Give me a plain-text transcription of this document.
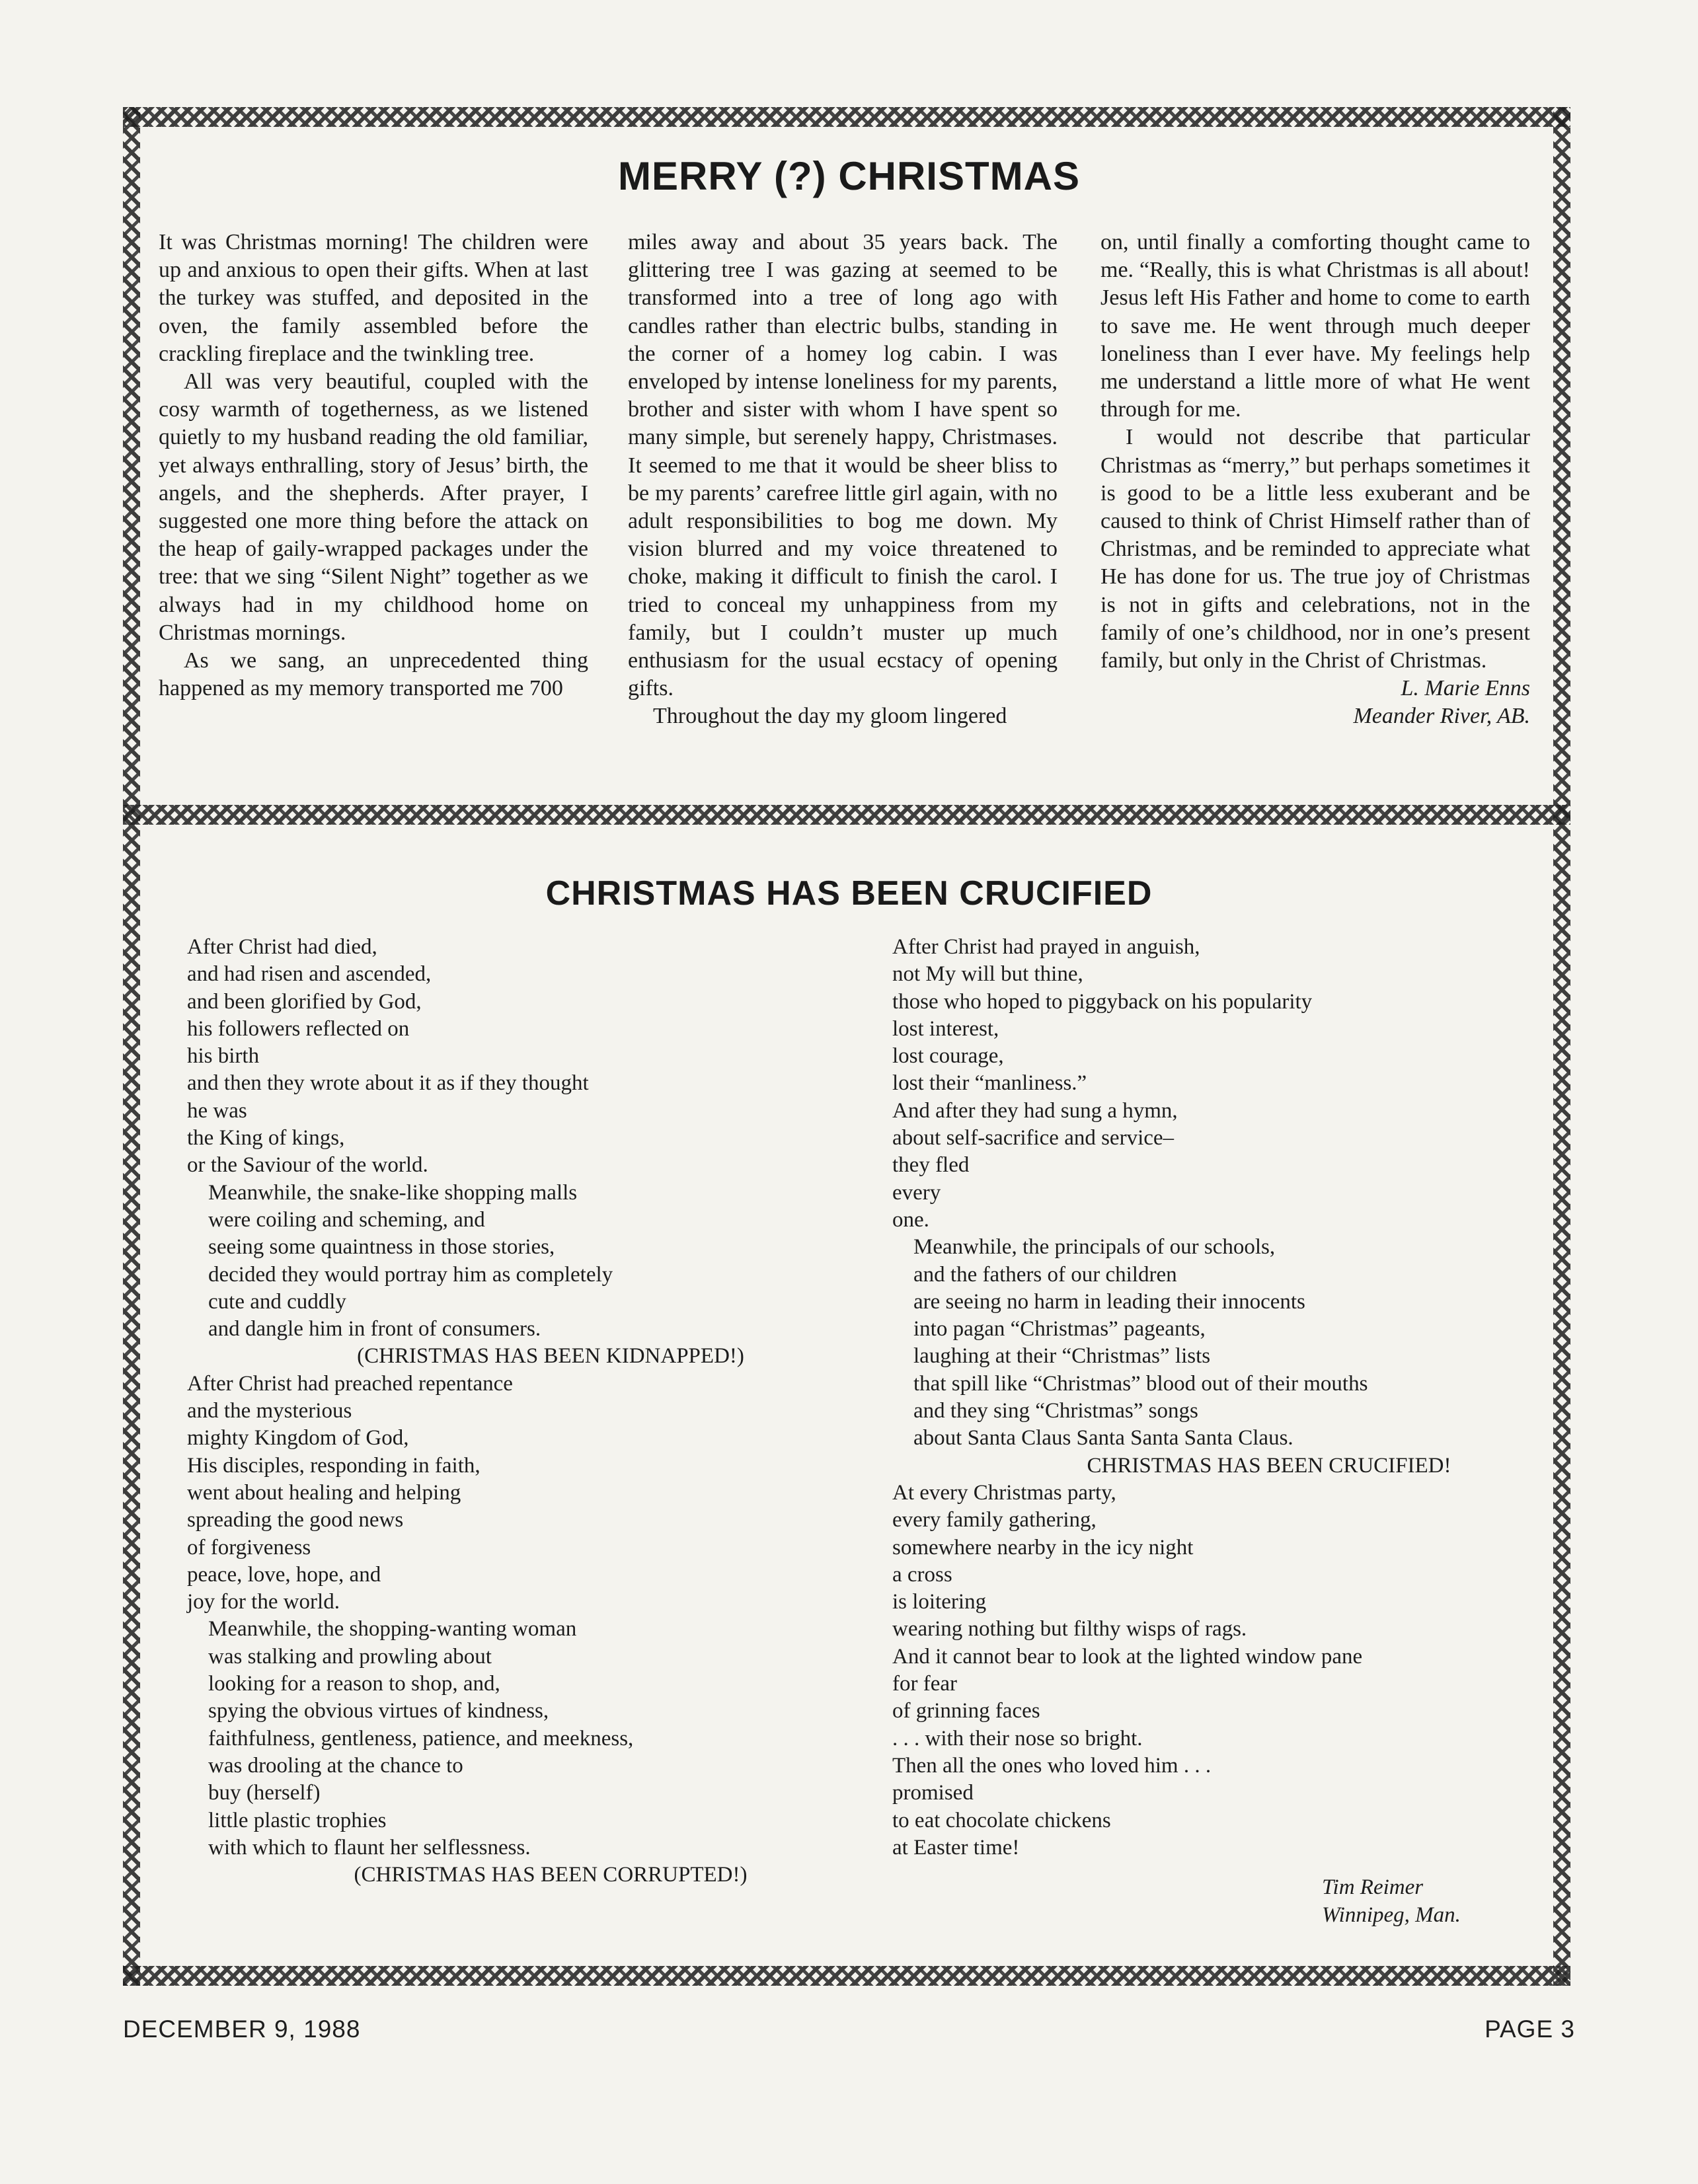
MERRY (?) CHRISTMAS

It was Christmas morning! The children were up and anxious to open their gifts. When at last the turkey was stuffed, and deposited in the oven, the family assembled before the crackling fireplace and the twinkling tree.

All was very beautiful, coupled with the cosy warmth of togetherness, as we listened quietly to my husband reading the old familiar, yet always enthralling, story of Jesus’ birth, the angels, and the shepherds. After prayer, I suggested one more thing before the attack on the heap of gaily-wrapped packages under the tree: that we sing “Silent Night” together as we always had in my childhood home on Christmas mornings.

As we sang, an unprecedented thing happened as my memory transported me 700

miles away and about 35 years back. The glittering tree I was gazing at seemed to be transformed into a tree of long ago with candles rather than electric bulbs, standing in the corner of a homey log cabin. I was enveloped by intense loneliness for my parents, brother and sister with whom I have spent so many simple, but serenely happy, Christmases. It seemed to me that it would be sheer bliss to be my parents’ carefree little girl again, with no adult responsibilities to bog me down. My vision blurred and my voice threatened to choke, making it difficult to finish the carol. I tried to conceal my unhappiness from my family, but I couldn’t muster up much enthusiasm for the usual ecstacy of opening gifts.

Throughout the day my gloom lingered

on, until finally a comforting thought came to me. “Really, this is what Christmas is all about! Jesus left His Father and home to come to earth to save me. He went through much deeper loneliness than I ever have. My feelings help me understand a little more of what He went through for me.

I would not describe that particular Christmas as “merry,” but perhaps sometimes it is good to be a little less exuberant and be caused to think of Christ Himself rather than of Christmas, and be reminded to appreciate what He has done for us. The true joy of Christmas is not in gifts and celebrations, not in the family of one’s childhood, nor in one’s present family, but only in the Christ of Christmas.

L. Marie Enns

Meander River, AB.

CHRISTMAS HAS BEEN CRUCIFIED
After Christ had died,
and had risen and ascended,
and been glorified by God,
his followers reflected on
his birth
and then they wrote about it as if they thought
he was
the King of kings,
or the Saviour of the world.
Meanwhile, the snake-like shopping malls
were coiling and scheming, and
seeing some quaintness in those stories,
decided they would portray him as completely
cute and cuddly
and dangle him in front of consumers.
(CHRISTMAS HAS BEEN KIDNAPPED!)
After Christ had preached repentance
and the mysterious
mighty Kingdom of God,
His disciples, responding in faith,
went about healing and helping
spreading the good news
of forgiveness
peace, love, hope, and
joy for the world.
Meanwhile, the shopping-wanting woman
was stalking and prowling about
looking for a reason to shop, and,
spying the obvious virtues of kindness,
faithfulness, gentleness, patience, and meekness,
was drooling at the chance to
buy (herself)
little plastic trophies
with which to flaunt her selflessness.
(CHRISTMAS HAS BEEN CORRUPTED!)
After Christ had prayed in anguish,
not My will but thine,
those who hoped to piggyback on his popularity
lost interest,
lost courage,
lost their “manliness.”
And after they had sung a hymn,
about self-sacrifice and service–
they fled
every
one.
Meanwhile, the principals of our schools,
and the fathers of our children
are seeing no harm in leading their innocents
into pagan “Christmas” pageants,
laughing at their “Christmas” lists
that spill like “Christmas” blood out of their mouths
and they sing “Christmas” songs
about Santa Claus Santa Santa Santa Claus.
CHRISTMAS HAS BEEN CRUCIFIED!
At every Christmas party,
every family gathering,
somewhere nearby in the icy night
a cross
is loitering
wearing nothing but filthy wisps of rags.
And it cannot bear to look at the lighted window pane
for fear
of grinning faces
. . . with their nose so bright.
Then all the ones who loved him . . .
promised
to eat chocolate chickens
at Easter time!
Tim Reimer
Winnipeg, Man.
DECEMBER 9, 1988	PAGE 3
